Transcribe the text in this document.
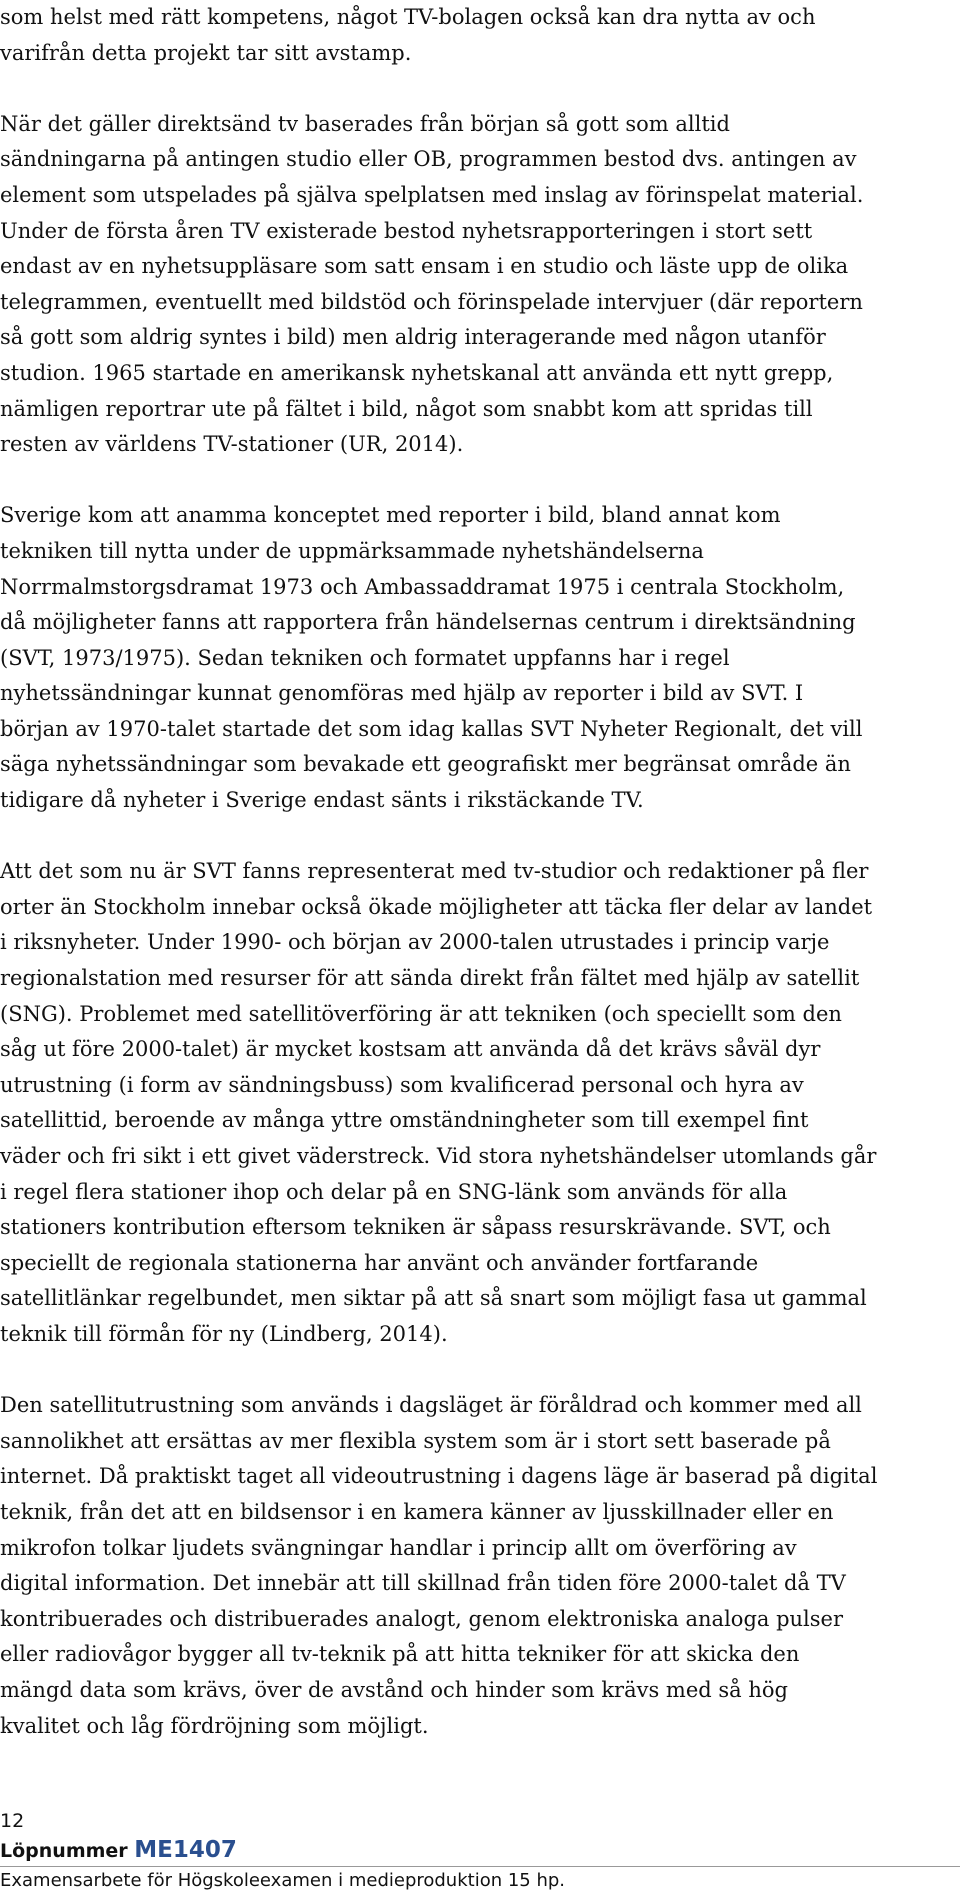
som helst med rätt kompetens, något TV-bolagen också kan dra nytta av och
varifrån detta projekt tar sitt avstamp.
När det gäller direktsänd tv baserades från början så gott som alltid
sändningarna på antingen studio eller OB, programmen bestod dvs. antingen av
element som utspelades på själva spelplatsen med inslag av förinspelat material.
Under de första åren TV existerade bestod nyhetsrapporteringen i stort sett
endast av en nyhetsuppläsare som satt ensam i en studio och läste upp de olika
telegrammen, eventuellt med bildstöd och förinspelade intervjuer (där reportern
så gott som aldrig syntes i bild) men aldrig interagerande med någon utanför
studion. 1965 startade en amerikansk nyhetskanal att använda ett nytt grepp,
nämligen reportrar ute på fältet i bild, något som snabbt kom att spridas till
resten av världens TV-stationer (UR, 2014).
Sverige kom att anamma konceptet med reporter i bild, bland annat kom
tekniken till nytta under de uppmärksammade nyhetshändelserna
Norrmalmstorgsdramat 1973 och Ambassaddramat 1975 i centrala Stockholm,
då möjligheter fanns att rapportera från händelsernas centrum i direktsändning
(SVT, 1973/1975). Sedan tekniken och formatet uppfanns har i regel
nyhetssändningar kunnat genomföras med hjälp av reporter i bild av SVT. I
början av 1970-talet startade det som idag kallas SVT Nyheter Regionalt, det vill
säga nyhetssändningar som bevakade ett geografiskt mer begränsat område än
tidigare då nyheter i Sverige endast sänts i rikstäckande TV.
Att det som nu är SVT fanns representerat med tv-studior och redaktioner på fler
orter än Stockholm innebar också ökade möjligheter att täcka fler delar av landet
i riksnyheter. Under 1990- och början av 2000-talen utrustades i princip varje
regionalstation med resurser för att sända direkt från fältet med hjälp av satellit
(SNG). Problemet med satellitöverföring är att tekniken (och speciellt som den
såg ut före 2000-talet) är mycket kostsam att använda då det krävs såväl dyr
utrustning (i form av sändningsbuss) som kvalificerad personal och hyra av
satellittid, beroende av många yttre omständningheter som till exempel fint
väder och fri sikt i ett givet väderstreck. Vid stora nyhetshändelser utomlands går
i regel flera stationer ihop och delar på en SNG-länk som används för alla
stationers kontribution eftersom tekniken är såpass resurskrävande. SVT, och
speciellt de regionala stationerna har använt och använder fortfarande
satellitlänkar regelbundet, men siktar på att så snart som möjligt fasa ut gammal
teknik till förmån för ny (Lindberg, 2014).
Den satellitutrustning som används i dagsläget är föråldrad och kommer med all
sannolikhet att ersättas av mer flexibla system som är i stort sett baserade på
internet. Då praktiskt taget all videoutrustning i dagens läge är baserad på digital
teknik, från det att en bildsensor i en kamera känner av ljusskillnader eller en
mikrofon tolkar ljudets svängningar handlar i princip allt om överföring av
digital information. Det innebär att till skillnad från tiden före 2000-talet då TV
kontribuerades och distribuerades analogt, genom elektroniska analoga pulser
eller radiovågor bygger all tv-teknik på att hitta tekniker för att skicka den
mängd data som krävs, över de avstånd och hinder som krävs med så hög
kvalitet och låg fördröjning som möjligt.
12
Löpnummer ME1407
Examensarbete för Högskoleexamen i medieproduktion 15 hp.
